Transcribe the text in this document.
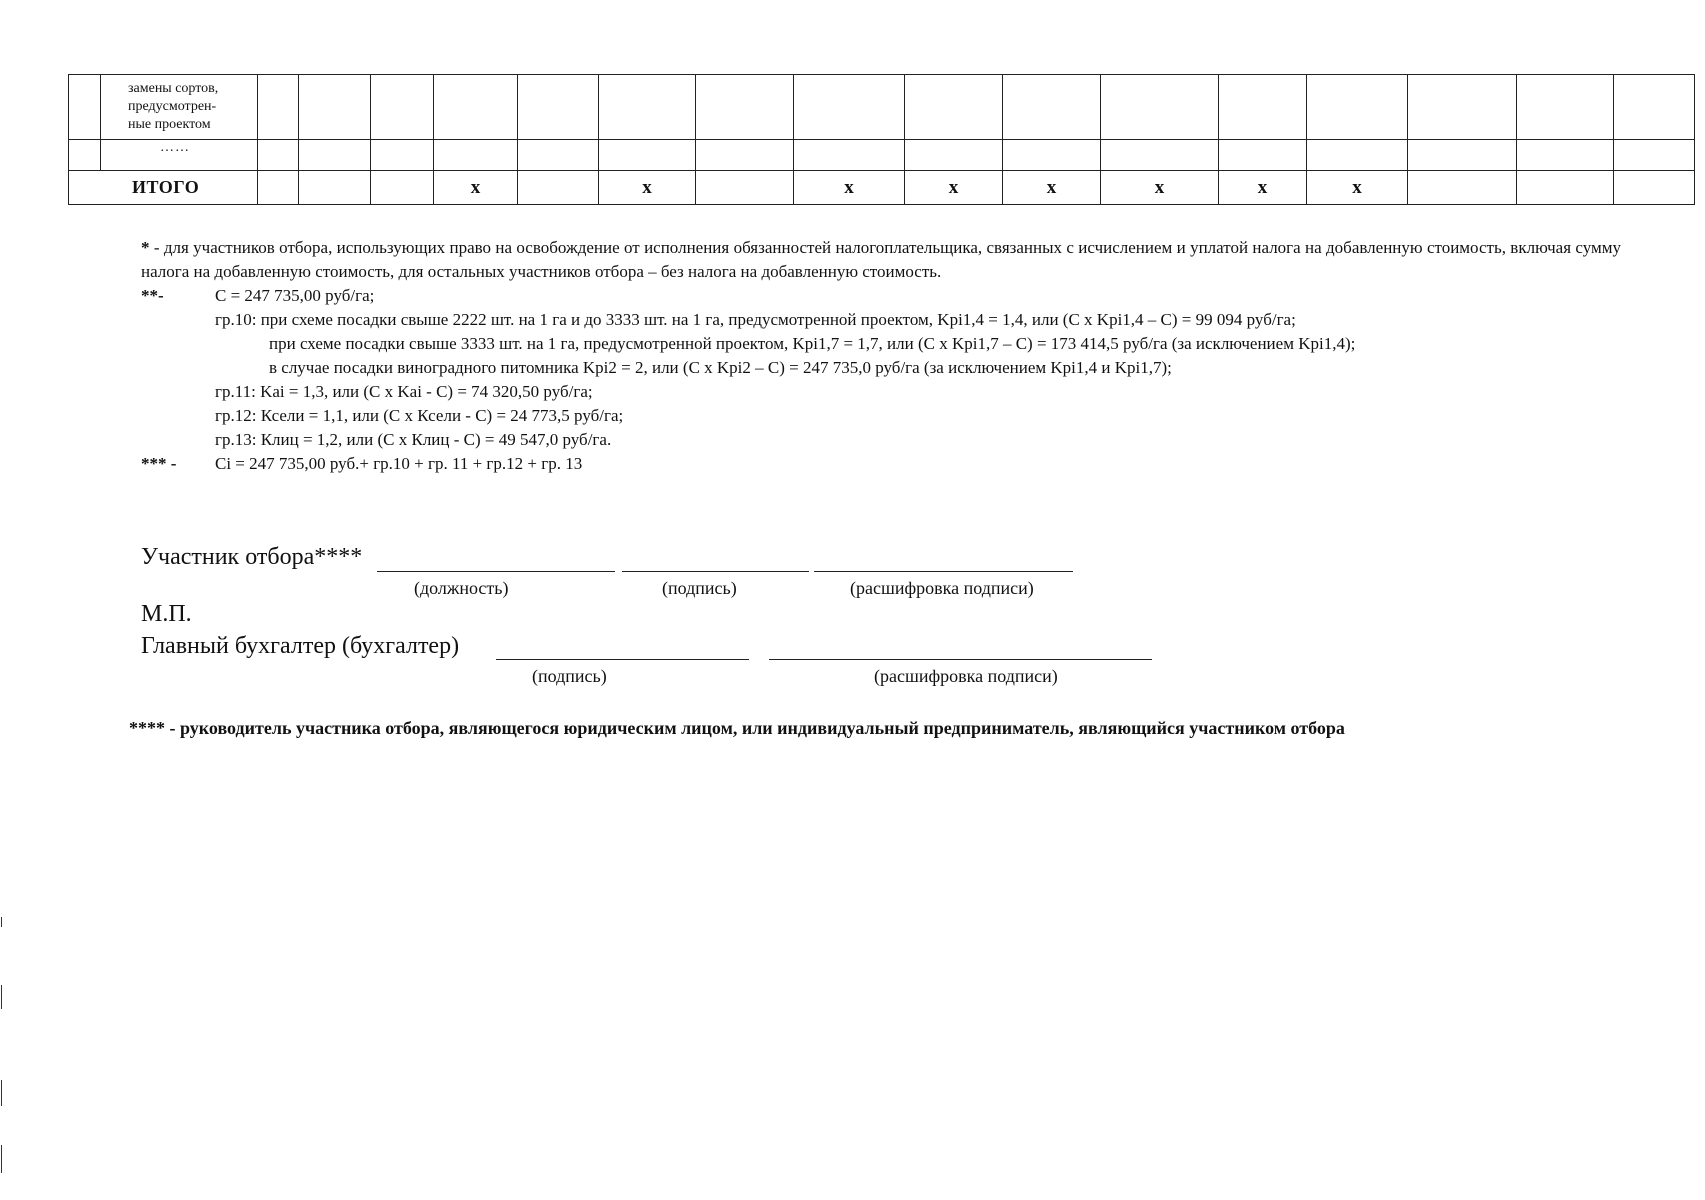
	замены сортов,
предусмотрен-
ные проектом																

	……																
ИТОГО					x		x		x	x	x	x	x	x			
* - для участников отбора, использующих право на освобождение от исполнения обязанностей налогоплательщика, связанных с исчислением и уплатой налога на добавленную стоимость, включая сумму налога на добавленную стоимость, для остальных участников отбора – без налога на добавленную стоимость.
**-	C = 247 735,00 руб/га;
гр.10: при схеме посадки свыше 2222 шт. на 1 га и до 3333 шт. на 1 га, предусмотренной проектом, Kpi1,4 = 1,4, или (С х Kpi1,4 – С) = 99 094 руб/га;
при схеме посадки свыше 3333 шт. на 1 га, предусмотренной проектом, Kpi1,7 = 1,7, или (С х Kpi1,7 – С) = 173 414,5 руб/га (за исключением Kpi1,4);
в случае посадки виноградного питомника Kpi2 = 2, или (С х Kpi2 – С) = 247 735,0 руб/га (за исключением Kpi1,4 и Kpi1,7);
гр.11: Kai = 1,3, или (С х Kai - С) = 74 320,50 руб/га;
гр.12: Ксели = 1,1, или (С х Ксели - С) = 24 773,5 руб/га;
гр.13: Клиц = 1,2, или (С х Клиц - С) = 49 547,0 руб/га.
*** - Ci = 247 735,00 руб.+ гр.10 + гр. 11 + гр.12 + гр. 13
Участник отбора****
(должность)	(подпись)	(расшифровка подписи)
М.П.
Главный бухгалтер (бухгалтер)
(подпись)	(расшифровка подписи)
**** - руководитель участника отбора, являющегося юридическим лицом, или индивидуальный предприниматель, являющийся участником отбора
